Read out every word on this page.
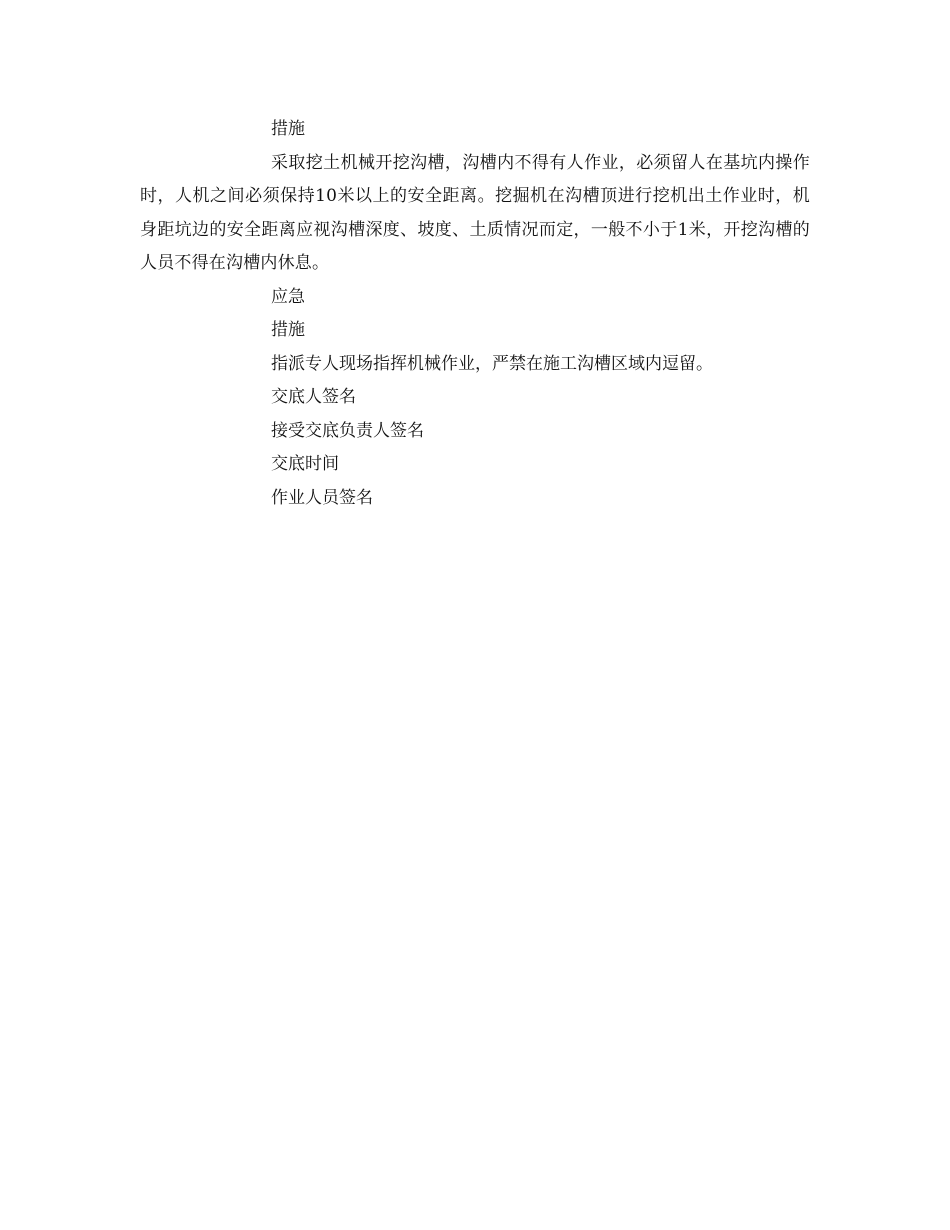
措施
采取挖土机械开挖沟槽，沟槽内不得有人作业，必须留人在基坑内操作时，人机之间必须保持10米以上的安全距离。挖掘机在沟槽顶进行挖机出土作业时，机身距坑边的安全距离应视沟槽深度、坡度、土质情况而定，一般不小于1米，开挖沟槽的人员不得在沟槽内休息。
应急
措施
指派专人现场指挥机械作业，严禁在施工沟槽区域内逗留。
交底人签名
接受交底负责人签名
交底时间
作业人员签名
